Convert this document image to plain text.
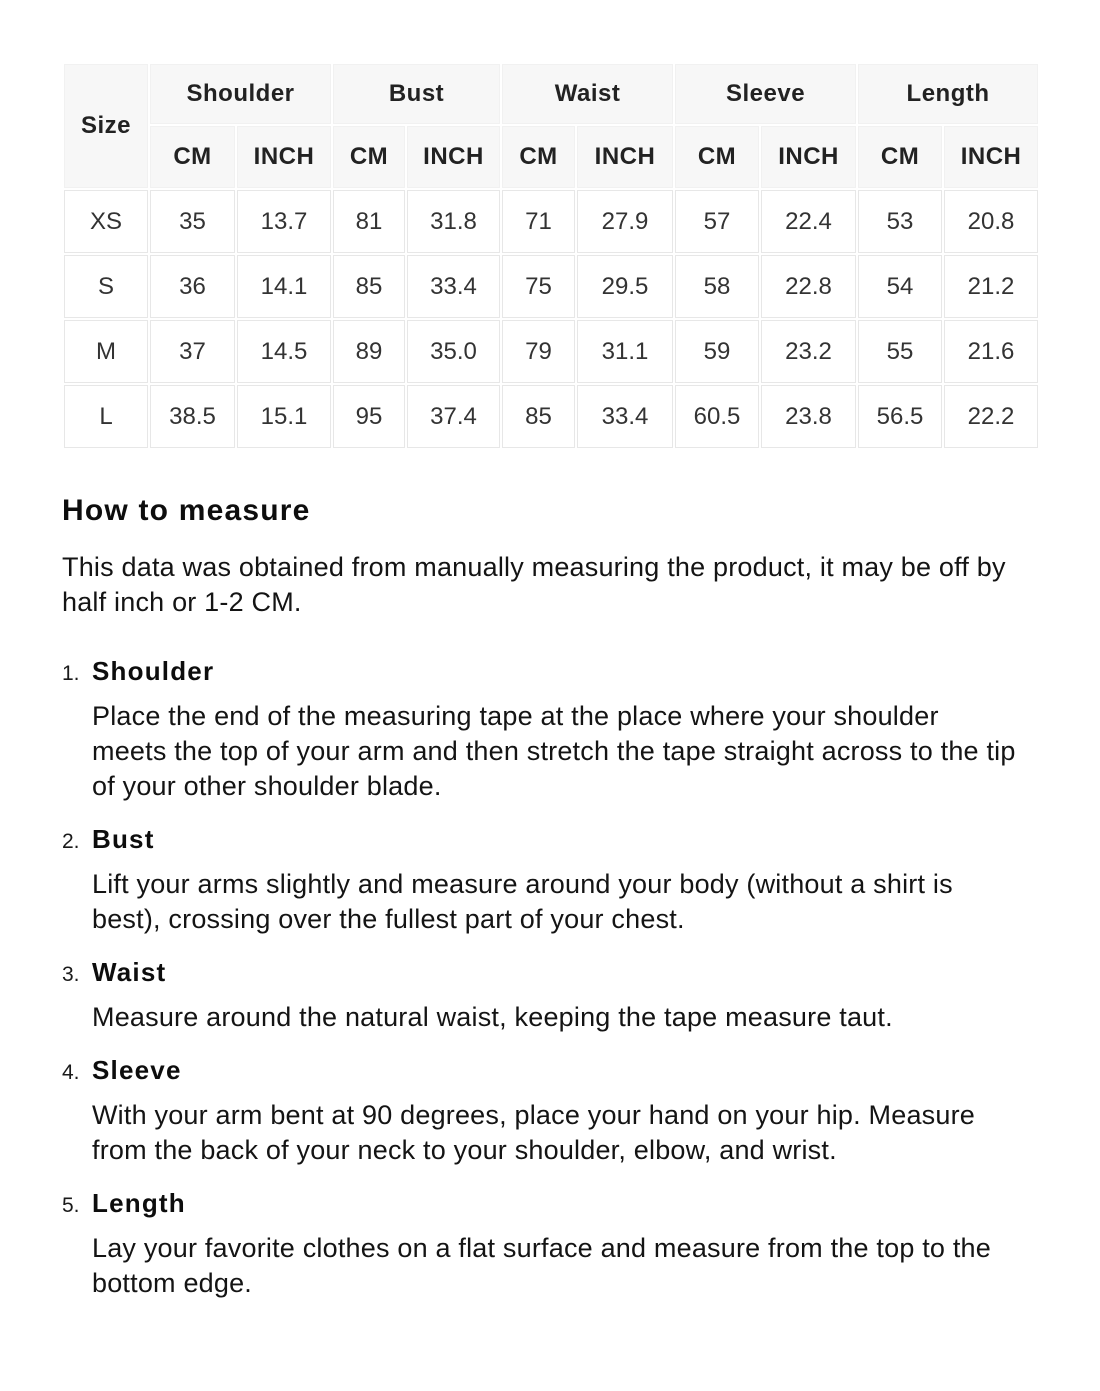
Size	Shoulder		Bust		Waist		Sleeve		Length	
	CM	INCH	CM	INCH	CM	INCH	CM	INCH	CM	INCH
XS	35	13.7	81	31.8	71	27.9	57	22.4	53	20.8
S	36	14.1	85	33.4	75	29.5	58	22.8	54	21.2
M	37	14.5	89	35.0	79	31.1	59	23.2	55	21.6
L	38.5	15.1	95	37.4	85	33.4	60.5	23.8	56.5	22.2
How to measure

This data was obtained from manually measuring the product, it may be off by half inch or 1-2 CM.

1. Shoulder

Place the end of the measuring tape at the place where your shoulder meets the top of your arm and then stretch the tape straight across to the tip of your other shoulder blade.

2. Bust

Lift your arms slightly and measure around your body (without a shirt is best), crossing over the fullest part of your chest.

3. Waist

Measure around the natural waist, keeping the tape measure taut.

4. Sleeve

With your arm bent at 90 degrees, place your hand on your hip. Measure from the back of your neck to your shoulder, elbow, and wrist.

5. Length

Lay your favorite clothes on a flat surface and measure from the top to the bottom edge.
